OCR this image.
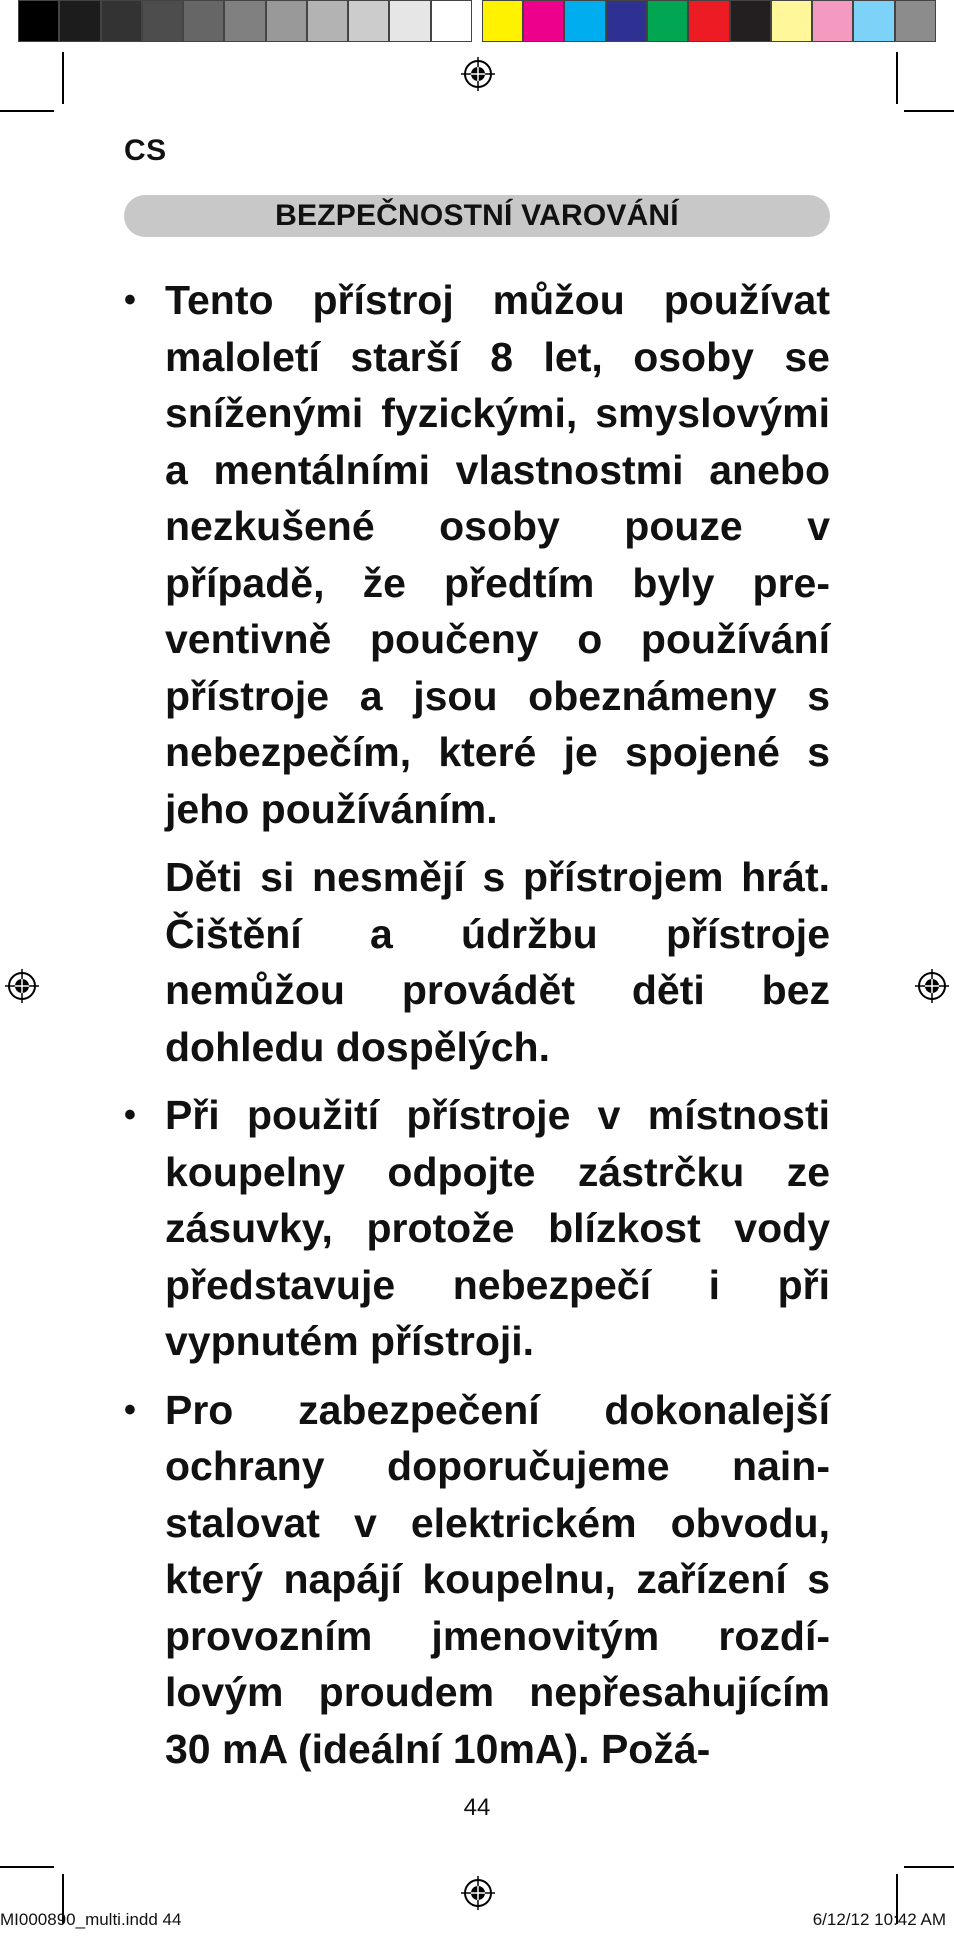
CS
BEZPEČNOSTNÍ VAROVÁNÍ
• Tento přístroj můžou používat maloletí starší 8 let, osoby se sníženými fyzickými, smyslovými a mentálními vlastnostmi anebo nezkušené osoby pouze v případě, že předtím byly preventivně poučeny o používání přístroje a jsou obeznámeny s nebezpečím, které je spojené s jeho používáním.
Děti si nesmějí s přístrojem hrát. Čištění a údržbu přístroje nemůžou provádět děti bez dohledu dospělých.
• Při použití přístroje v místnosti koupelny odpojte zástrčku ze zásuvky, protože blízkost vody představuje nebezpečí i při vypnutém přístroji.
• Pro zabezpečení dokonalejší ochrany doporučujeme nainstalovat v elektrickém obvodu, který napájí koupelnu, zařízení s provozním jmenovitým rozdílovým proudem nepřesahujícím 30 mA (ideální 10mA). Požá-
44
MI000890_multi.indd 44	6/12/12 10:42 AM
